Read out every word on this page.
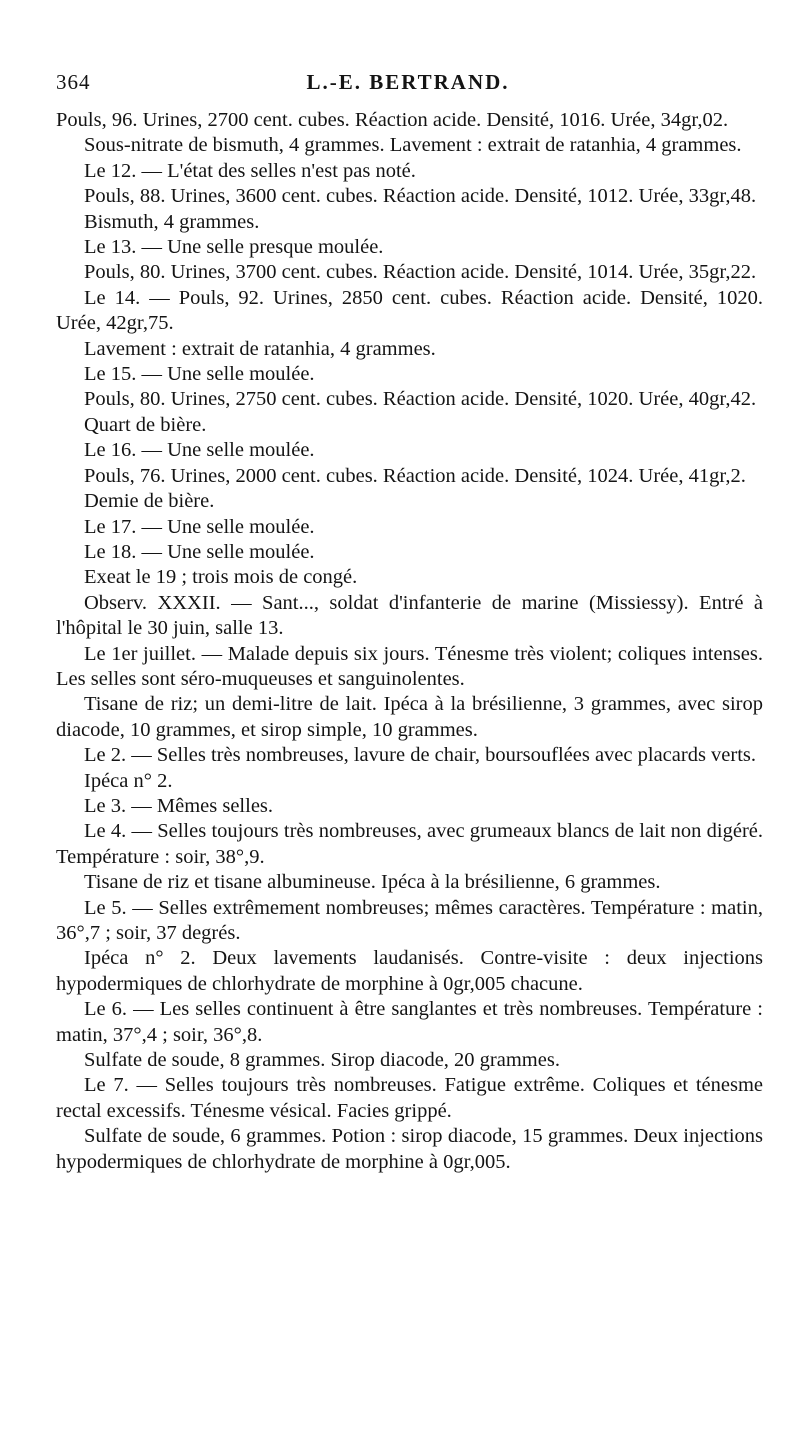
364	L.-E. BERTRAND.

Pouls, 96. Urines, 2700 cent. cubes. Réaction acide. Densité, 1016. Urée, 34gr,02.

Sous-nitrate de bismuth, 4 grammes. Lavement : extrait de ratanhia, 4 grammes.

Le 12. — L'état des selles n'est pas noté.

Pouls, 88. Urines, 3600 cent. cubes. Réaction acide. Densité, 1012. Urée, 33gr,48.

Bismuth, 4 grammes.

Le 13. — Une selle presque moulée.

Pouls, 80. Urines, 3700 cent. cubes. Réaction acide. Densité, 1014. Urée, 35gr,22.

Le 14. — Pouls, 92. Urines, 2850 cent. cubes. Réaction acide. Densité, 1020. Urée, 42gr,75.

Lavement : extrait de ratanhia, 4 grammes.

Le 15. — Une selle moulée.

Pouls, 80. Urines, 2750 cent. cubes. Réaction acide. Densité, 1020. Urée, 40gr,42.

Quart de bière.

Le 16. — Une selle moulée.

Pouls, 76. Urines, 2000 cent. cubes. Réaction acide. Densité, 1024. Urée, 41gr,2.

Demie de bière.

Le 17. — Une selle moulée.

Le 18. — Une selle moulée.

Exeat le 19 ; trois mois de congé.

Observ. XXXII. — Sant..., soldat d'infanterie de marine (Missiessy). Entré à l'hôpital le 30 juin, salle 13.

Le 1er juillet. — Malade depuis six jours. Ténesme très violent; coliques intenses. Les selles sont séro-muqueuses et sanguinolentes.

Tisane de riz; un demi-litre de lait. Ipéca à la brésilienne, 3 grammes, avec sirop diacode, 10 grammes, et sirop simple, 10 grammes.

Le 2. — Selles très nombreuses, lavure de chair, boursouflées avec placards verts.

Ipéca n° 2.

Le 3. — Mêmes selles.

Le 4. — Selles toujours très nombreuses, avec grumeaux blancs de lait non digéré. Température : soir, 38°,9.

Tisane de riz et tisane albumineuse. Ipéca à la brésilienne, 6 grammes.

Le 5. — Selles extrêmement nombreuses; mêmes caractères. Température : matin, 36°,7 ; soir, 37 degrés.

Ipéca n° 2. Deux lavements laudanisés. Contre-visite : deux injections hypodermiques de chlorhydrate de morphine à 0gr,005 chacune.

Le 6. — Les selles continuent à être sanglantes et très nombreuses. Température : matin, 37°,4 ; soir, 36°,8.

Sulfate de soude, 8 grammes. Sirop diacode, 20 grammes.

Le 7. — Selles toujours très nombreuses. Fatigue extrême. Coliques et ténesme rectal excessifs. Ténesme vésical. Facies grippé.

Sulfate de soude, 6 grammes. Potion : sirop diacode, 15 grammes. Deux injections hypodermiques de chlorhydrate de morphine à 0gr,005.
